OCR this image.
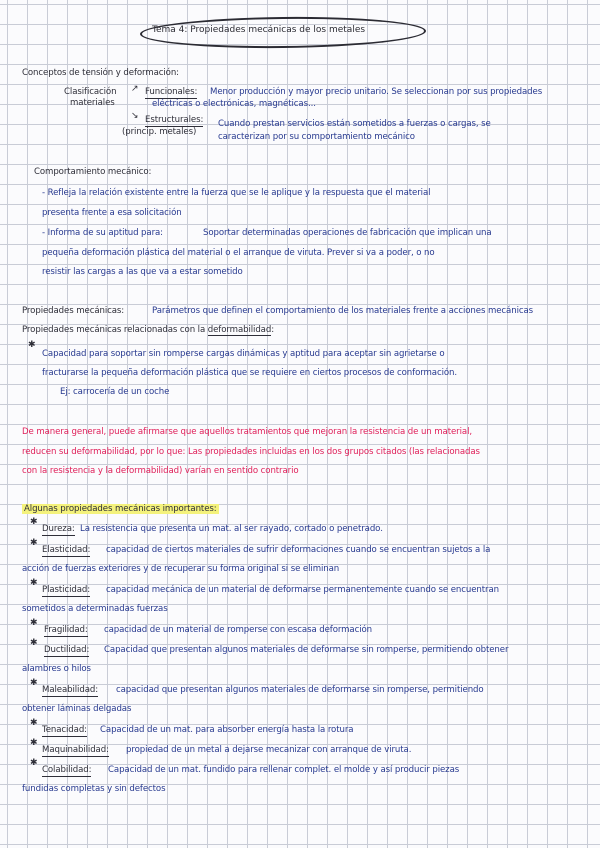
Tema 4: Propiedades mecánicas de los metales
Conceptos de tensión y deformación:
Clasificación
materiales
↗ Funcionales: Menor producción y mayor precio unitario. Se seleccionan por sus propiedades
eléctricas o electrónicas, magnéticas...
↘ Estructurales:
(princip. metales)
Cuando prestan servicios están sometidos a fuerzas o cargas, se
caracterizan por su comportamiento mecánico
Comportamiento mecánico:
- Refleja la relación existente entre la fuerza que se le aplique y la respuesta que el material
presenta frente a esa solicitación
- Informa de su aptitud para:	Soportar determinadas operaciones de fabricación que implican una
pequeña deformación plástica del material o el arranque de viruta. Prever si va a poder, o no
resistir las cargas a las que va a estar sometido
Propiedades mecánicas:	Parámetros que definen el comportamiento de los materiales frente a acciones mecánicas
Propiedades mecánicas relacionadas con la deformabilidad:
✱
Capacidad para soportar sin romperse cargas dinámicas y aptitud para aceptar sin agrietarse o
fracturarse la pequeña deformación plástica que se requiere en ciertos procesos de conformación.
Ej: carrocería de un coche
De manera general, puede afirmarse que aquellos tratamientos que mejoran la resistencia de un material,
reducen su deformabilidad, por lo que: Las propiedades incluidas en los dos grupos citados (las relacionadas
con la resistencia y la deformabilidad) varían en sentido contrario
Algunas propiedades mecánicas importantes:
✱
Dureza: La resistencia que presenta un mat. al ser rayado, cortado o penetrado.
✱
Elasticidad: capacidad de ciertos materiales de sufrir deformaciones cuando se encuentran sujetos a la
acción de fuerzas exteriores y de recuperar su forma original si se eliminan
✱
Plasticidad: capacidad mecánica de un material de deformarse permanentemente cuando se encuentran
sometidos a determinadas fuerzas
✱
Fragilidad: capacidad de un material de romperse con escasa deformación
✱
Ductilidad: Capacidad que presentan algunos materiales de deformarse sin romperse, permitiendo obtener
alambres o hilos
✱
Maleabilidad: capacidad que presentan algunos materiales de deformarse sin romperse, permitiendo
obtener láminas delgadas
✱
Tenacidad: Capacidad de un mat. para absorber energía hasta la rotura
✱
Maquinabilidad: propiedad de un metal a dejarse mecanizar con arranque de viruta.
✱
Colabilidad: Capacidad de un mat. fundido para rellenar complet. el molde y así producir piezas
fundidas completas y sin defectos
